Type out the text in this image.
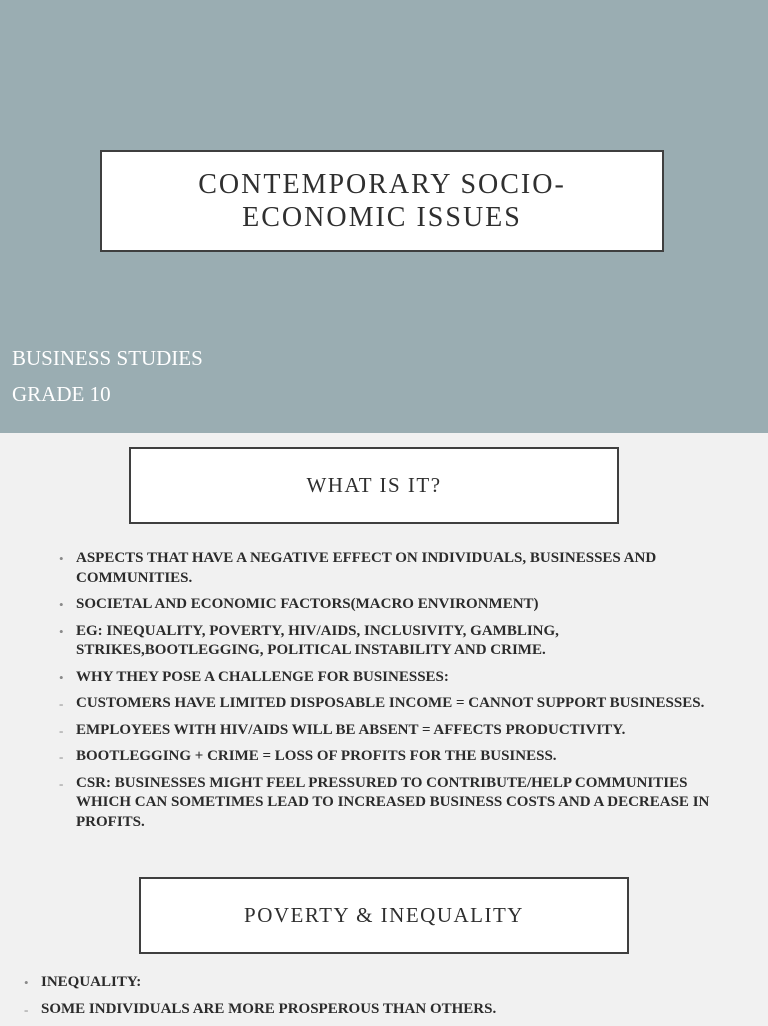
CONTEMPORARY SOCIO-ECONOMIC ISSUES
BUSINESS STUDIES
GRADE 10
WHAT IS IT?
• ASPECTS THAT HAVE A NEGATIVE EFFECT ON INDIVIDUALS, BUSINESSES AND COMMUNITIES.
• SOCIETAL AND ECONOMIC FACTORS(MACRO ENVIRONMENT)
• EG: INEQUALITY, POVERTY, HIV/AIDS, INCLUSIVITY, GAMBLING, STRIKES,BOOTLEGGING, POLITICAL INSTABILITY AND CRIME.
• WHY THEY POSE A CHALLENGE FOR BUSINESSES:
- CUSTOMERS HAVE LIMITED DISPOSABLE INCOME = CANNOT SUPPORT BUSINESSES.
- EMPLOYEES WITH HIV/AIDS WILL BE ABSENT = AFFECTS PRODUCTIVITY.
- BOOTLEGGING + CRIME = LOSS OF PROFITS FOR THE BUSINESS.
- CSR: BUSINESSES MIGHT FEEL PRESSURED TO CONTRIBUTE/HELP COMMUNITIES WHICH CAN SOMETIMES LEAD TO INCREASED BUSINESS COSTS AND A DECREASE IN PROFITS.
POVERTY & INEQUALITY
• INEQUALITY:
- SOME INDIVIDUALS ARE MORE PROSPEROUS THAN OTHERS.
